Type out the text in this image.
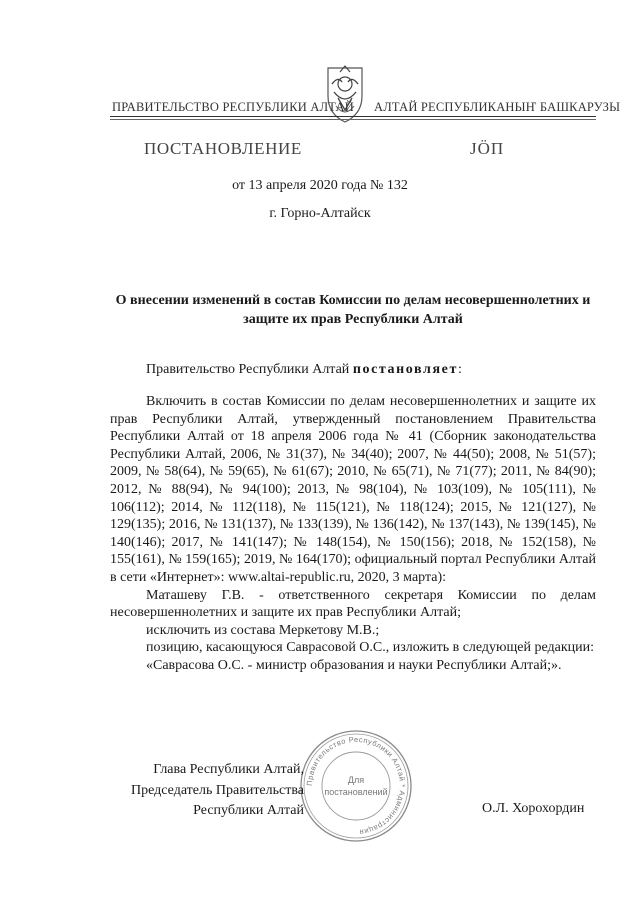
ПРАВИТЕЛЬСТВО РЕСПУБЛИКИ АЛТАЙ АЛТАЙ РЕСПУБЛИКАНЫҤ БАШКАРУЗЫ
ПОСТАНОВЛЕНИЕ	JÖП
от 13 апреля 2020 года № 132
г. Горно-Алтайск
О внесении изменений в состав Комиссии по делам несовершеннолетних и защите их прав Республики Алтай
Правительство Республики Алтай постановляет:

Включить в состав Комиссии по делам несовершеннолетних и защите их прав Республики Алтай, утвержденный постановлением Правительства Республики Алтай от 18 апреля 2006 года № 41 (Сборник законодательства Республики Алтай, 2006, № 31(37), № 34(40); 2007, № 44(50); 2008, № 51(57); 2009, № 58(64), № 59(65), № 61(67); 2010, № 65(71), № 71(77); 2011, № 84(90); 2012, № 88(94), № 94(100); 2013, № 98(104), № 103(109), № 105(111), № 106(112); 2014, № 112(118), № 115(121), № 118(124); 2015, № 121(127), № 129(135); 2016, № 131(137), № 133(139), № 136(142), № 137(143), № 139(145), № 140(146); 2017, № 141(147); № 148(154), № 150(156); 2018, № 152(158), № 155(161), № 159(165); 2019, № 164(170); официальный портал Республики Алтай в сети «Интернет»: www.altai-republic.ru, 2020, 3 марта):

Маташеву Г.В. - ответственного секретаря Комиссии по делам несовершеннолетних и защите их прав Республики Алтай;

исключить из состава Меркетову М.В.;

позицию, касающуюся Саврасовой О.С., изложить в следующей редакции:

«Саврасова О.С. - министр образования и науки Республики Алтай;».

Правительство Республики Алтай * Администрация
Для
постановлений
Глава Республики Алтай,
Председатель Правительства
Республики Алтай	О.Л. Хорохордин
